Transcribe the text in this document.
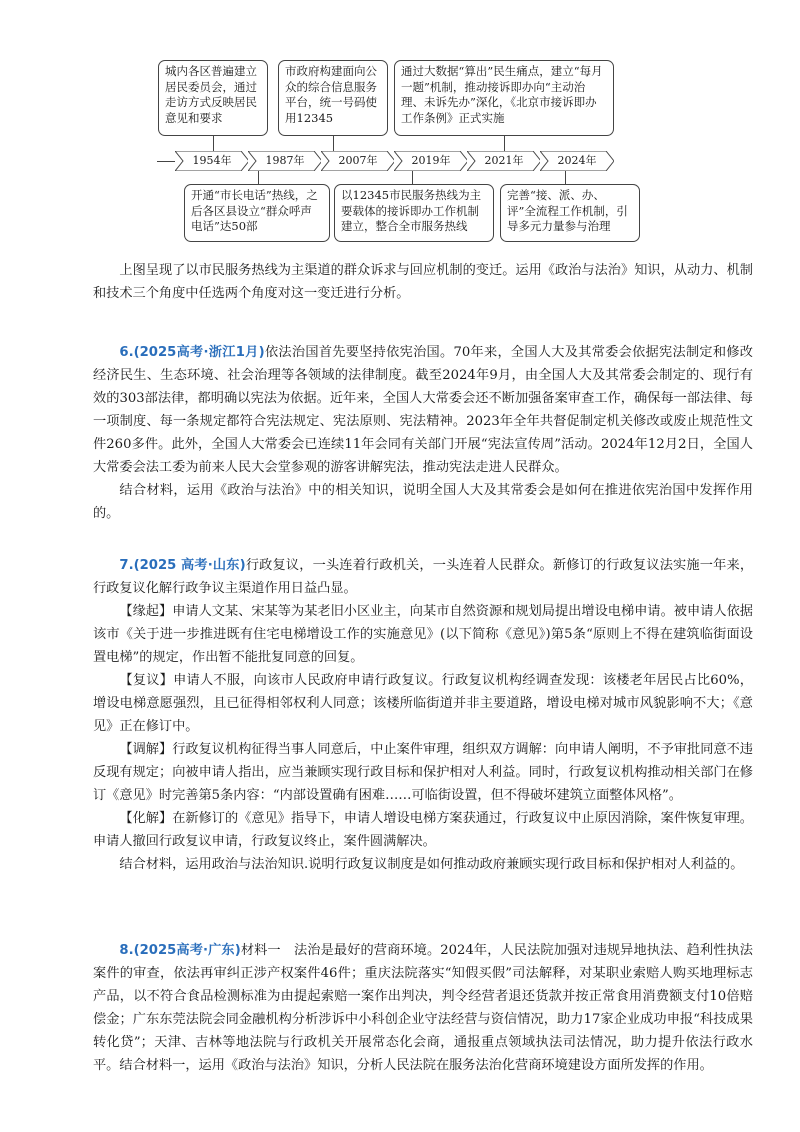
城内各区普遍建立居民委员会，通过走访方式反映居民意见和要求
市政府构建面向公众的综合信息服务平台，统一号码使用12345
通过大数据“算出”民生痛点，建立“每月一题”机制，推动接诉即办向“主动治理、未诉先办”深化，《北京市接诉即办工作条例》正式实施
1954年	1987年	2007年	2019年	2021年	2024年
开通“市长电话”热线，之后各区县设立“群众呼声电话”达50部
以12345市民服务热线为主要载体的接诉即办工作机制建立，整合全市服务热线
完善“接、派、办、评”全流程工作机制，引导多元力量参与治理
上图呈现了以市民服务热线为主渠道的群众诉求与回应机制的变迁。运用《政治与法治》知识，从动力、机制和技术三个角度中任选两个角度对这一变迁进行分析。
6.(2025高考·浙江1月)依法治国首先要坚持依宪治国。70年来，全国人大及其常委会依据宪法制定和修改经济民生、生态环境、社会治理等各领域的法律制度。截至2024年9月，由全国人大及其常委会制定的、现行有效的303部法律，都明确以宪法为依据。近年来，全国人大常委会还不断加强备案审查工作，确保每一部法律、每一项制度、每一条规定都符合宪法规定、宪法原则、宪法精神。2023年全年共督促制定机关修改或废止规范性文件260多件。此外，全国人大常委会已连续11年会同有关部门开展“宪法宣传周”活动。2024年12月2日，全国人大常委会法工委为前来人民大会堂参观的游客讲解宪法，推动宪法走进人民群众。
结合材料，运用《政治与法治》中的相关知识，说明全国人大及其常委会是如何在推进依宪治国中发挥作用的。
7.(2025 高考·山东)行政复议，一头连着行政机关，一头连着人民群众。新修订的行政复议法实施一年来，行政复议化解行政争议主渠道作用日益凸显。
【缘起】申请人文某、宋某等为某老旧小区业主，向某市自然资源和规划局提出增设电梯申请。被申请人依据该市《关于进一步推进既有住宅电梯增设工作的实施意见》(以下简称《意见》)第5条“原则上不得在建筑临街面设置电梯”的规定，作出暂不能批复同意的回复。
【复议】申请人不服，向该市人民政府申请行政复议。行政复议机构经调查发现：该楼老年居民占比60%，增设电梯意愿强烈，且已征得相邻权利人同意；该楼所临街道并非主要道路，增设电梯对城市风貌影响不大；《意见》正在修订中。
【调解】行政复议机构征得当事人同意后，中止案件审理，组织双方调解：向申请人阐明，不予审批同意不违反现有规定；向被申请人指出，应当兼顾实现行政目标和保护相对人利益。同时，行政复议机构推动相关部门在修订《意见》时完善第5条内容：“内部设置确有困难……可临街设置，但不得破坏建筑立面整体风格”。
【化解】在新修订的《意见》指导下，申请人增设电梯方案获通过，行政复议中止原因消除，案件恢复审理。申请人撤回行政复议申请，行政复议终止，案件圆满解决。
结合材料，运用政治与法治知识.说明行政复议制度是如何推动政府兼顾实现行政目标和保护相对人利益的。
8.(2025高考·广东)材料一　法治是最好的营商环境。2024年，人民法院加强对违规异地执法、趋利性执法案件的审查，依法再审纠正涉产权案件46件；重庆法院落实“知假买假”司法解释，对某职业索赔人购买地理标志产品，以不符合食品检测标准为由提起索赔一案作出判决，判令经营者退还货款并按正常食用消费额支付10倍赔偿金；广东东莞法院会同金融机构分析涉诉中小科创企业守法经营与资信情况，助力17家企业成功申报“科技成果转化贷”；天津、吉林等地法院与行政机关开展常态化会商，通报重点领域执法司法情况，助力提升依法行政水平。 结合材料一，运用《政治与法治》知识，分析人民法院在服务法治化营商环境建设方面所发挥的作用。
